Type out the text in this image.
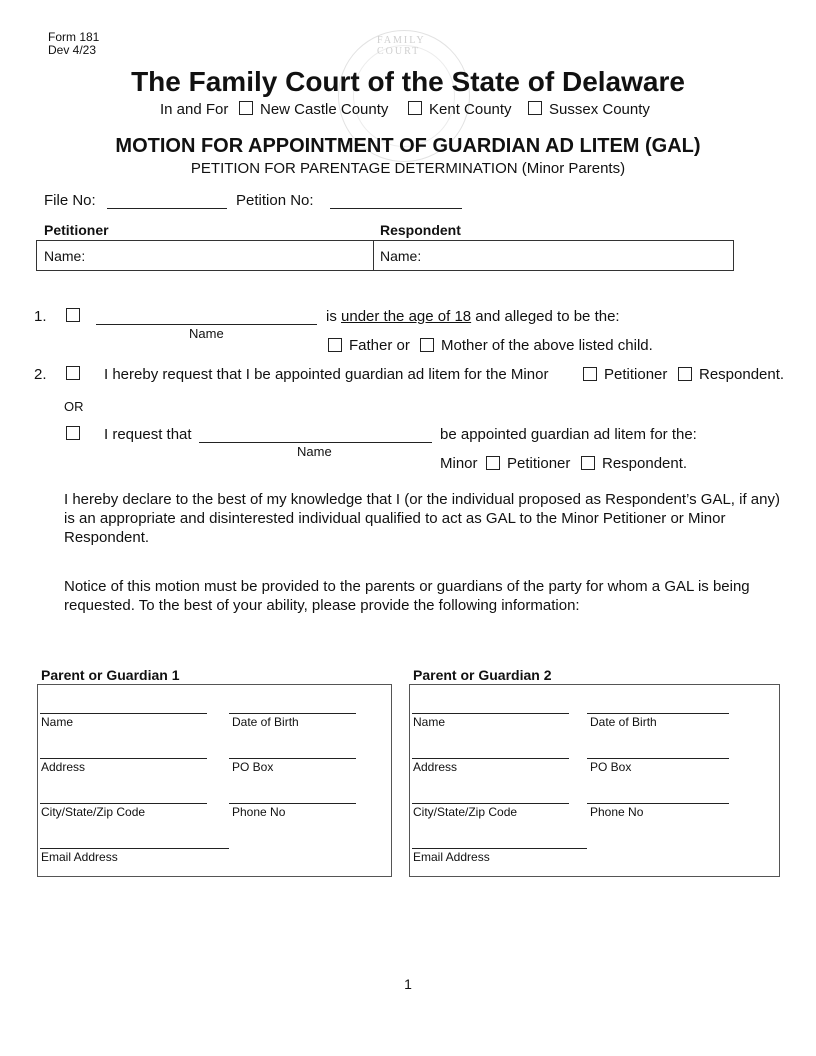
FAMILY COURT
Form 181
Dev 4/23
The Family Court of the State of Delaware
In and For New Castle County	Kent County Sussex County
MOTION FOR APPOINTMENT OF GUARDIAN AD LITEM (GAL)
PETITION FOR PARENTAGE DETERMINATION (Minor Parents)
File No:	Petition No:
Petitioner	Respondent
Name:	Name:
1.
Name
is under the age of 18 and alleged to be the:
Father or Mother of the above listed child.
2.	I hereby request that I be appointed guardian ad litem for the Minor	Petitioner Respondent.
OR
I request that
Name
be appointed guardian ad litem for the:
Minor Petitioner Respondent.
I hereby declare to the best of my knowledge that I (or the individual proposed as Respondent’s GAL, if any) is an appropriate and disinterested individual qualified to act as GAL to the Minor Petitioner or Minor Respondent.
Notice of this motion must be provided to the parents or guardians of the party for whom a GAL is being requested. To the best of your ability, please provide the following information:
Parent or Guardian 1
Name	Date of Birth
Address	PO Box
City/State/Zip Code	Phone No
Email Address
Parent or Guardian 2
Name	Date of Birth
Address	PO Box
City/State/Zip Code	Phone No
Email Address
1
